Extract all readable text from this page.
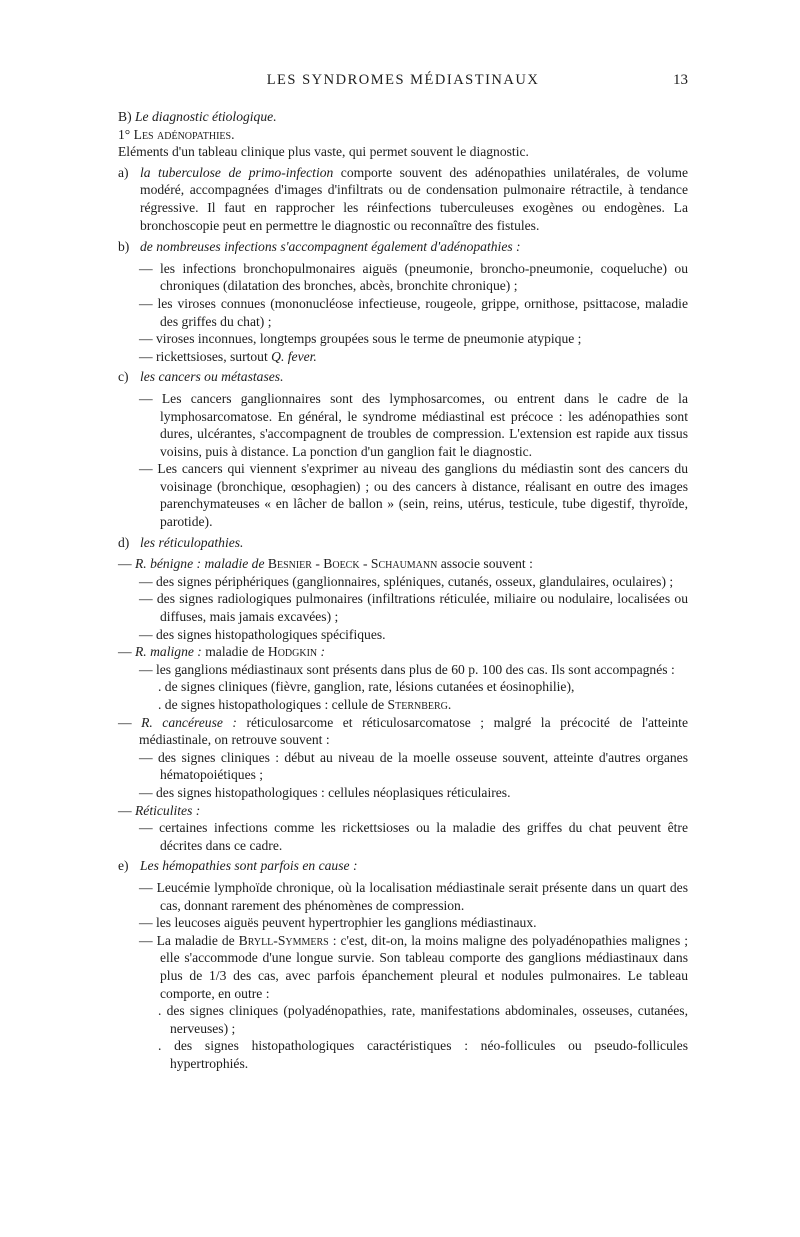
LES SYNDROMES MÉDIASTINAUX	13

B) Le diagnostic étiologique.

1° Les adénopathies.

Eléments d'un tableau clinique plus vaste, qui permet souvent le diagnostic.

a) la tuberculose de primo-infection comporte souvent des adénopathies unilatérales, de volume modéré, accompagnées d'images d'infiltrats ou de condensation pulmonaire rétractile, à tendance régressive. Il faut en rapprocher les réinfections tuberculeuses exogènes ou endogènes. La bronchoscopie peut en permettre le diagnostic ou reconnaître des fistules.
b) de nombreuses infections s'accompagnent également d'adénopathies :

— les infections bronchopulmonaires aiguës (pneumonie, broncho-pneumonie, coqueluche) ou chroniques (dilatation des bronches, abcès, bronchite chronique) ;

— les viroses connues (mononucléose infectieuse, rougeole, grippe, ornithose, psittacose, maladie des griffes du chat) ;

— viroses inconnues, longtemps groupées sous le terme de pneumonie atypique ;

— rickettsioses, surtout Q. fever.

c) les cancers ou métastases.

— Les cancers ganglionnaires sont des lymphosarcomes, ou entrent dans le cadre de la lymphosarcomatose. En général, le syndrome médiastinal est précoce : les adénopathies sont dures, ulcérantes, s'accompagnent de troubles de compression. L'extension est rapide aux tissus voisins, puis à distance. La ponction d'un ganglion fait le diagnostic.

— Les cancers qui viennent s'exprimer au niveau des ganglions du médiastin sont des cancers du voisinage (bronchique, œsophagien) ; ou des cancers à distance, réalisant en outre des images parenchymateuses « en lâcher de ballon » (sein, reins, utérus, testicule, tube digestif, thyroïde, parotide).

d) les réticulopathies.

— R. bénigne : maladie de Besnier - Boeck - Schaumann associe souvent :

— des signes périphériques (ganglionnaires, spléniques, cutanés, osseux, glandulaires, oculaires) ;

— des signes radiologiques pulmonaires (infiltrations réticulée, miliaire ou nodulaire, localisées ou diffuses, mais jamais excavées) ;

— des signes histopathologiques spécifiques.

— R. maligne : maladie de Hodgkin :

— les ganglions médiastinaux sont présents dans plus de 60 p. 100 des cas. Ils sont accompagnés :

. de signes cliniques (fièvre, ganglion, rate, lésions cutanées et éosinophilie),

. de signes histopathologiques : cellule de Sternberg.

— R. cancéreuse : réticulosarcome et réticulosarcomatose ; malgré la précocité de l'atteinte médiastinale, on retrouve souvent :

— des signes cliniques : début au niveau de la moelle osseuse souvent, atteinte d'autres organes hématopoiétiques ;

— des signes histopathologiques : cellules néoplasiques réticulaires.

— Réticulites :

— certaines infections comme les rickettsioses ou la maladie des griffes du chat peuvent être décrites dans ce cadre.

e) Les hémopathies sont parfois en cause :

— Leucémie lymphoïde chronique, où la localisation médiastinale serait présente dans un quart des cas, donnant rarement des phénomènes de compression.

— les leucoses aiguës peuvent hypertrophier les ganglions médiastinaux.

— La maladie de Bryll-Symmers : c'est, dit-on, la moins maligne des polyadénopathies malignes ; elle s'accommode d'une longue survie. Son tableau comporte des ganglions médiastinaux dans plus de 1/3 des cas, avec parfois épanchement pleural et nodules pulmonaires. Le tableau comporte, en outre :

. des signes cliniques (polyadénopathies, rate, manifestations abdominales, osseuses, cutanées, nerveuses) ;

. des signes histopathologiques caractéristiques : néo-follicules ou pseudo-follicules hypertrophiés.
